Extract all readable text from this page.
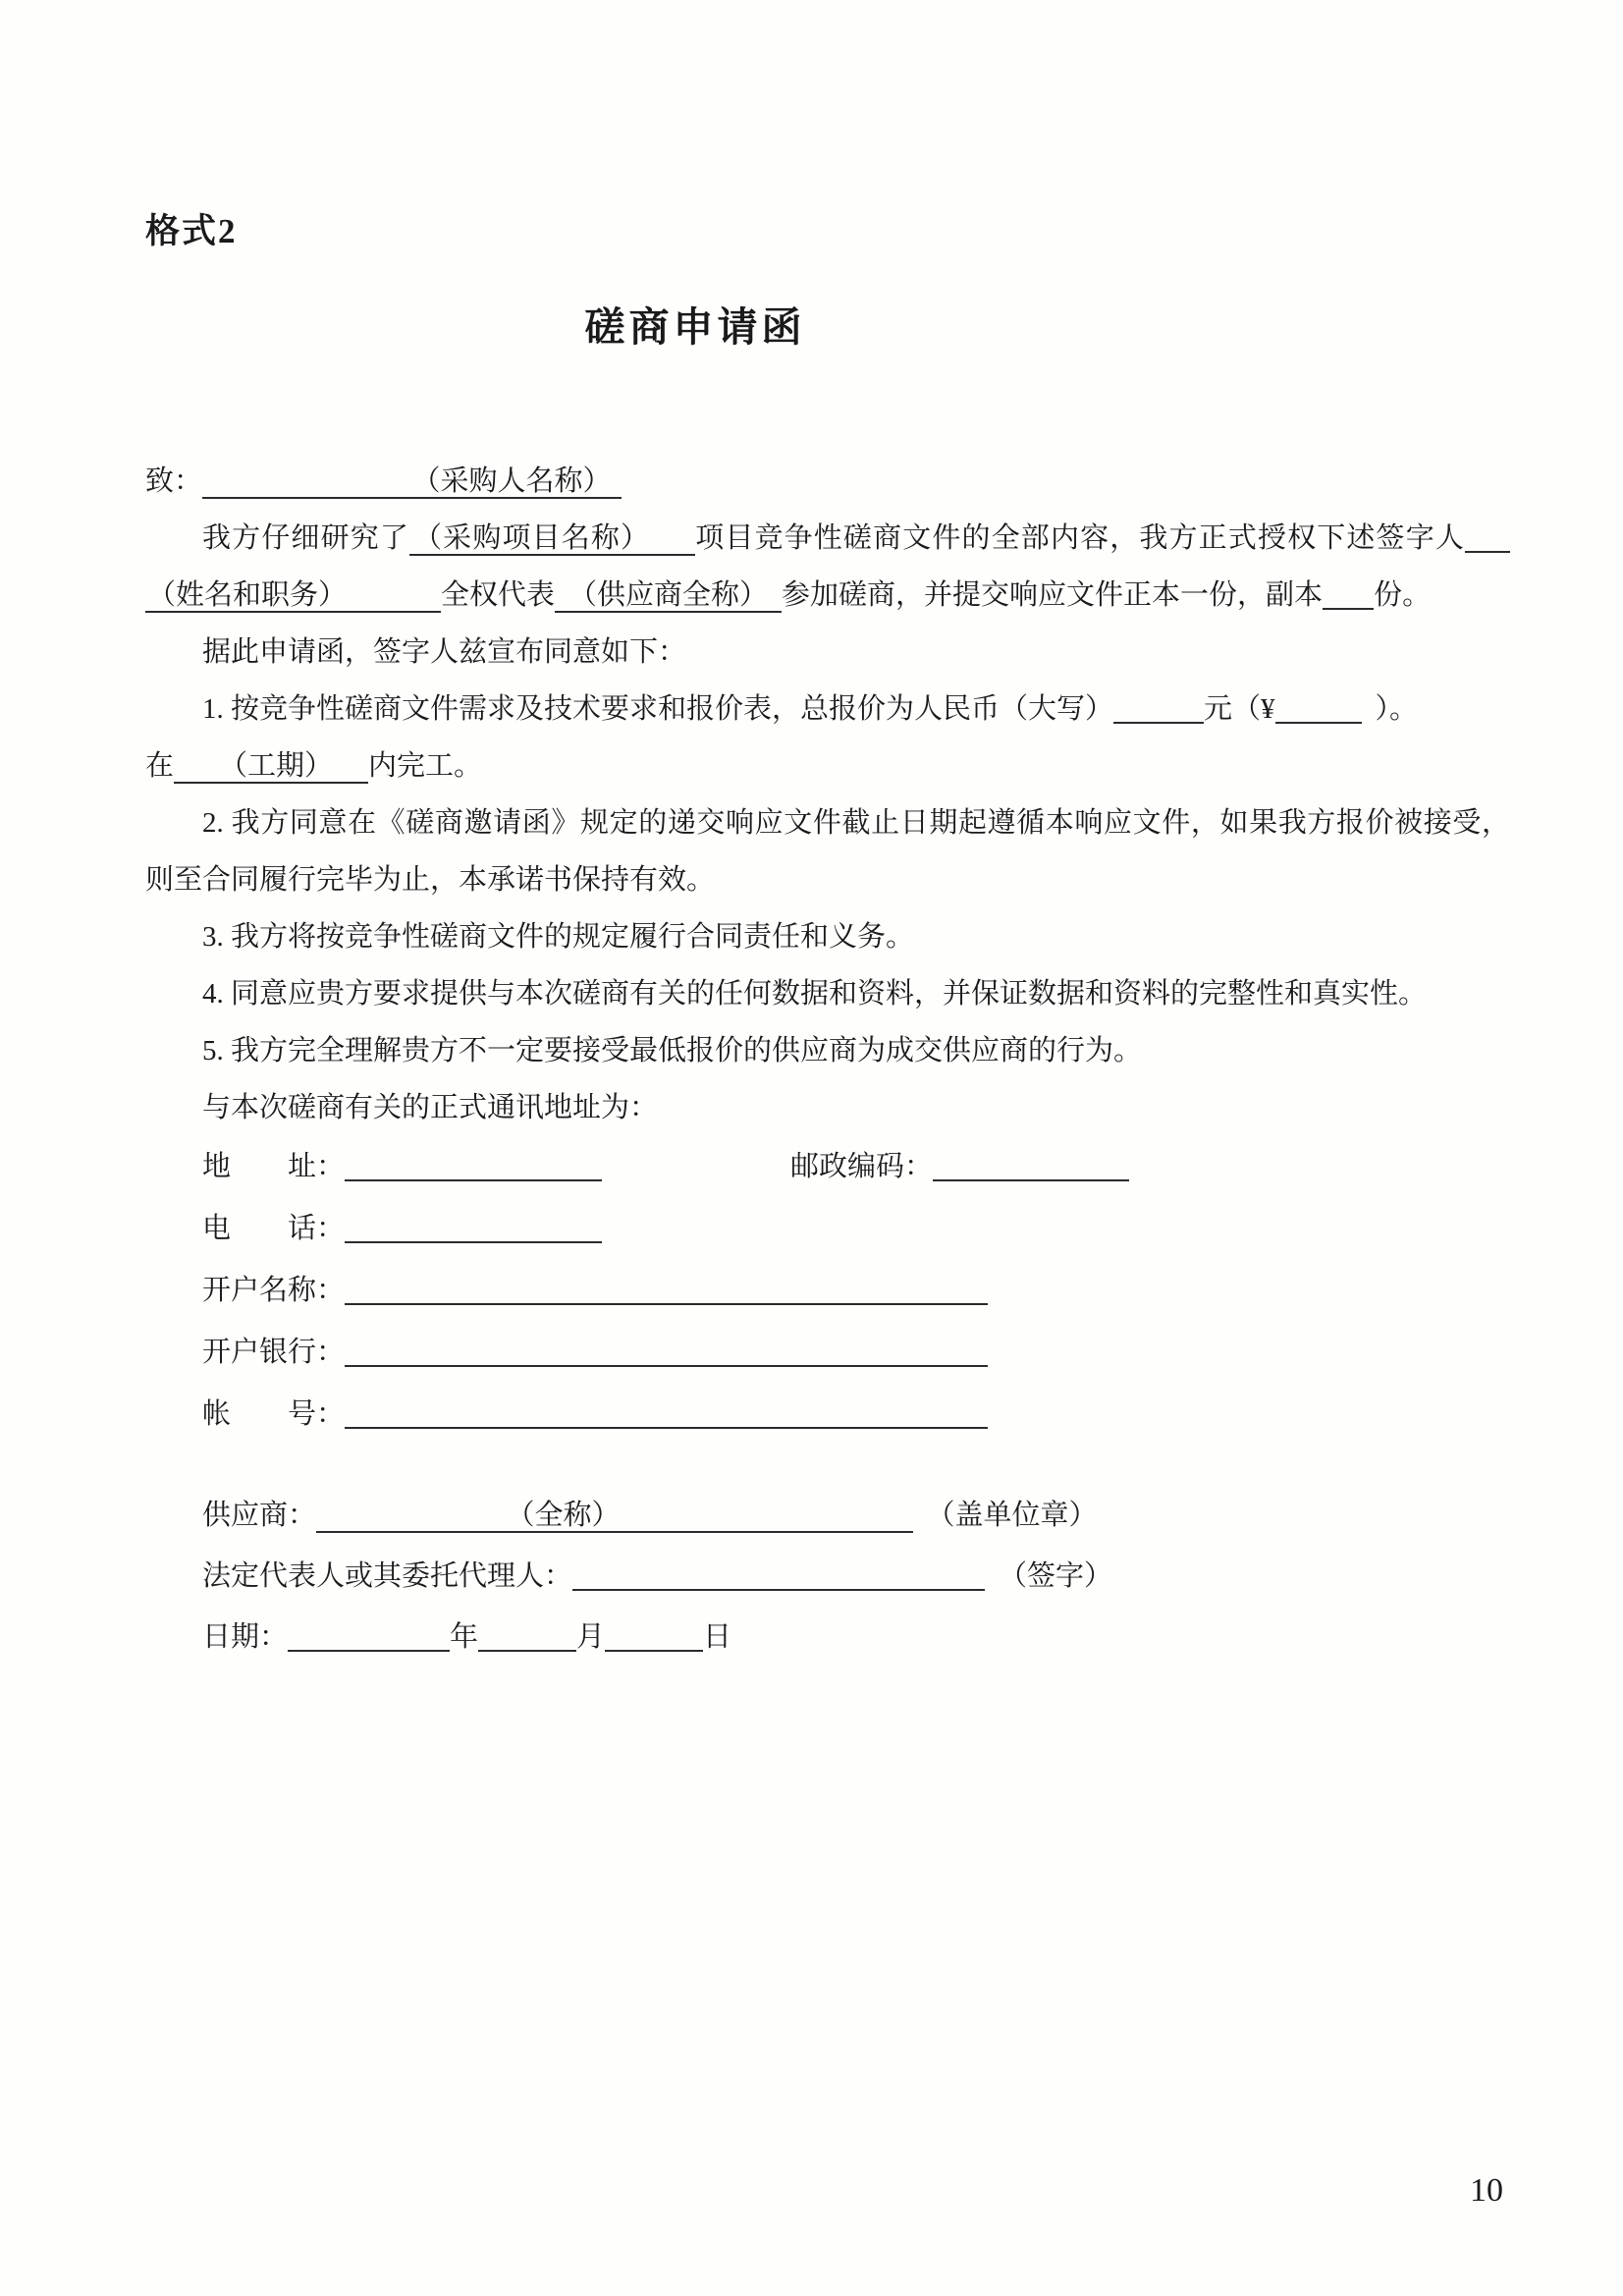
格式2
磋商申请函

致：	（采购人名称）

我方仔细研究了 （采购项目名称） 项目竞争性磋商文件的全部内容，我方正式授权下述签字人（姓名和职务）	全权代表 （供应商全称） 参加磋商，并提交响应文件正本一份，副本 份。

据此申请函，签字人兹宣布同意如下：

1. 按竞争性磋商文件需求及技术要求和报价表，总报价为人民币（大写）	元（¥	）。

在 （工期） 内完工。

2. 我方同意在《磋商邀请函》规定的递交响应文件截止日期起遵循本响应文件，如果我方报价被接受，则至合同履行完毕为止，本承诺书保持有效。

3. 我方将按竞争性磋商文件的规定履行合同责任和义务。

4. 同意应贵方要求提供与本次磋商有关的任何数据和资料，并保证数据和资料的完整性和真实性。

5. 我方完全理解贵方不一定要接受最低报价的供应商为成交供应商的行为。

与本次磋商有关的正式通讯地址为：

地　　址：	邮政编码：
电　　话：
开户名称：
开户银行：
帐　　号：
供应商：	（全称）	（盖单位章）
法定代表人或其委托代理人：	（签字）
日期：	年	月	日
10
